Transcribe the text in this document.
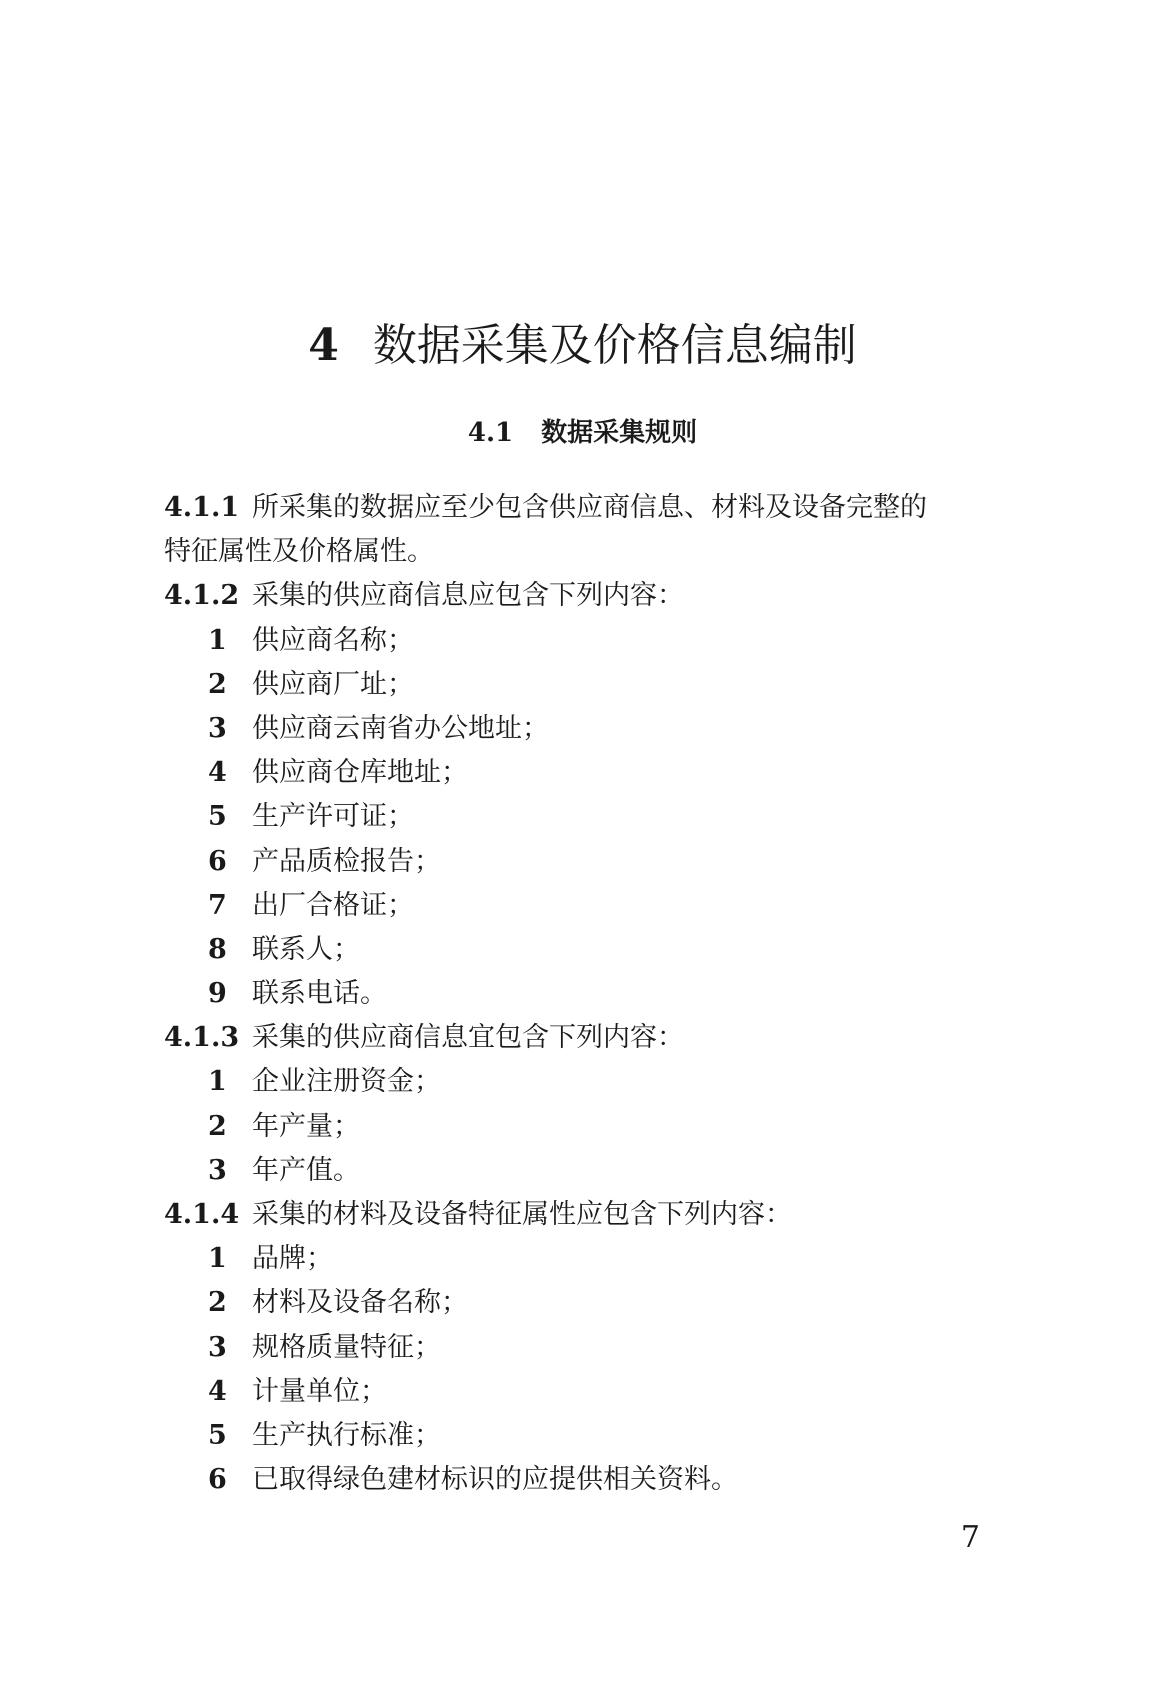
4 数据采集及价格信息编制
4.1 数据采集规则
4.1.1 所采集的数据应至少包含供应商信息、材料及设备完整的
特征属性及价格属性。
4.1.2 采集的供应商信息应包含下列内容：
1 供应商名称；
2 供应商厂址；
3 供应商云南省办公地址；
4 供应商仓库地址；
5 生产许可证；
6 产品质检报告；
7 出厂合格证；
8 联系人；
9 联系电话。
4.1.3 采集的供应商信息宜包含下列内容：
1 企业注册资金；
2 年产量；
3 年产值。
4.1.4 采集的材料及设备特征属性应包含下列内容：
1 品牌；
2 材料及设备名称；
3 规格质量特征；
4 计量单位；
5 生产执行标准；
6 已取得绿色建材标识的应提供相关资料。
7
